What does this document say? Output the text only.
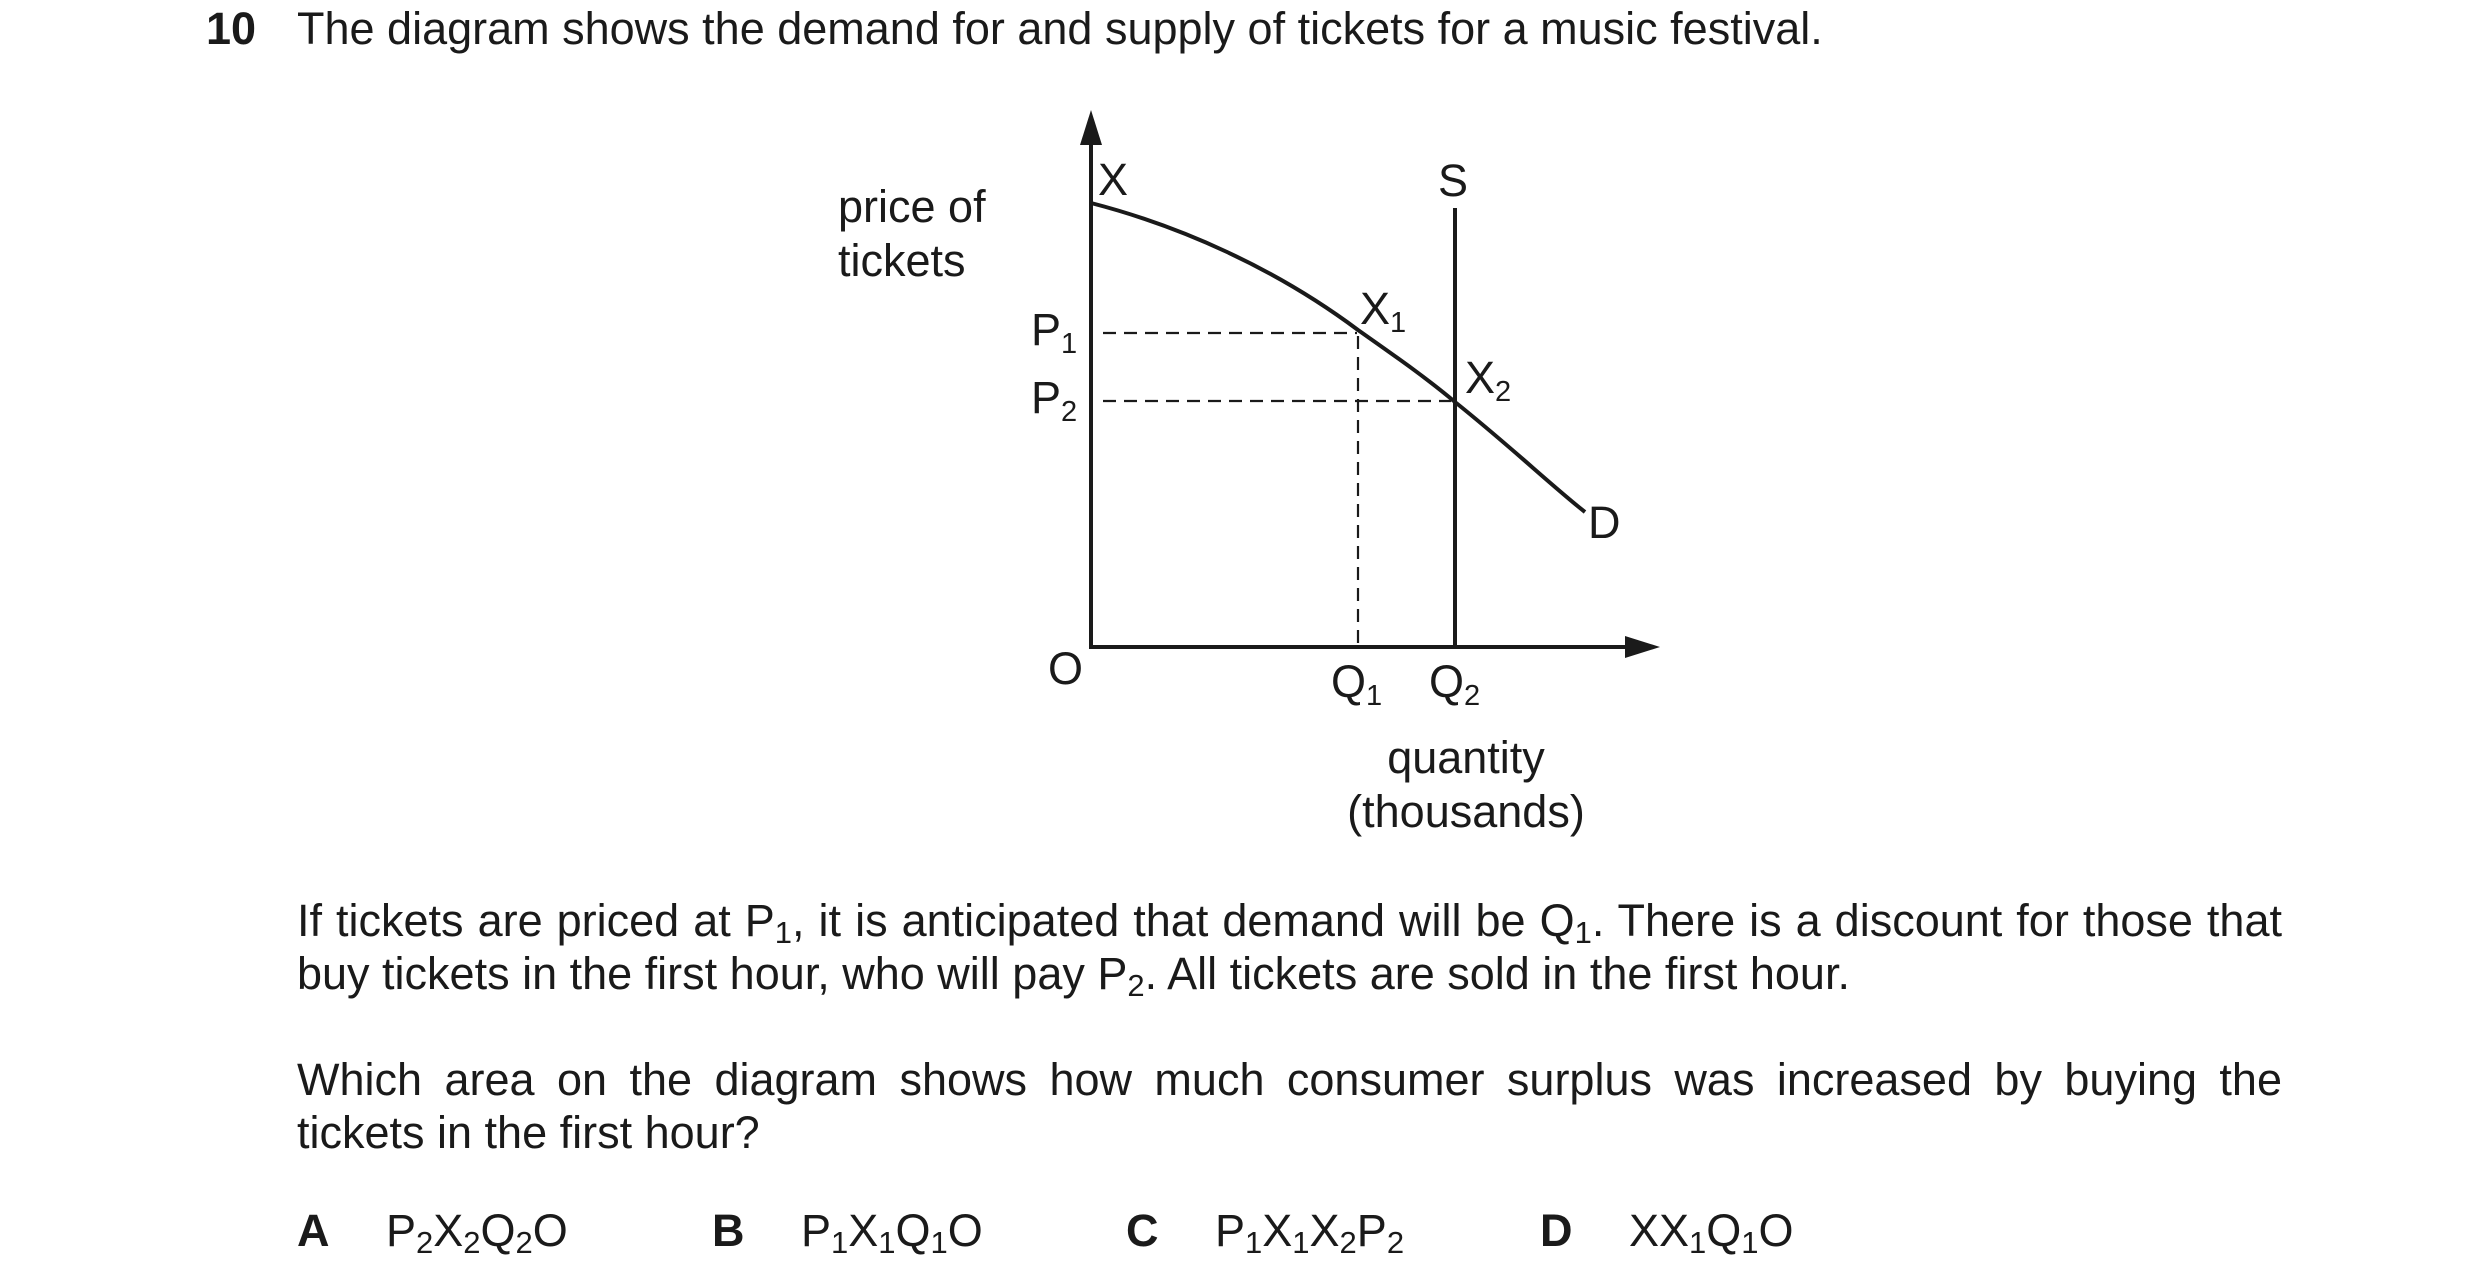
10 The diagram shows the demand for and supply of tickets for a music festival.
price of
tickets
X	S
D
O
X1
X2
P1
P2
Q1 Q2
quantity
(thousands)
If tickets are priced at $P_1$, it is anticipated that demand will be $Q_1$. There is a discount for those that buy tickets in the first hour, who will pay $P_2$. All tickets are sold in the first hour.
Which area on the diagram shows how much consumer surplus was increased by buying the tickets in the first hour?
A $P_2X_2Q_2O$	B $P_1X_1Q_1O$	C $P_1X_1X_2P_2$	D $XX_1Q_1O$
